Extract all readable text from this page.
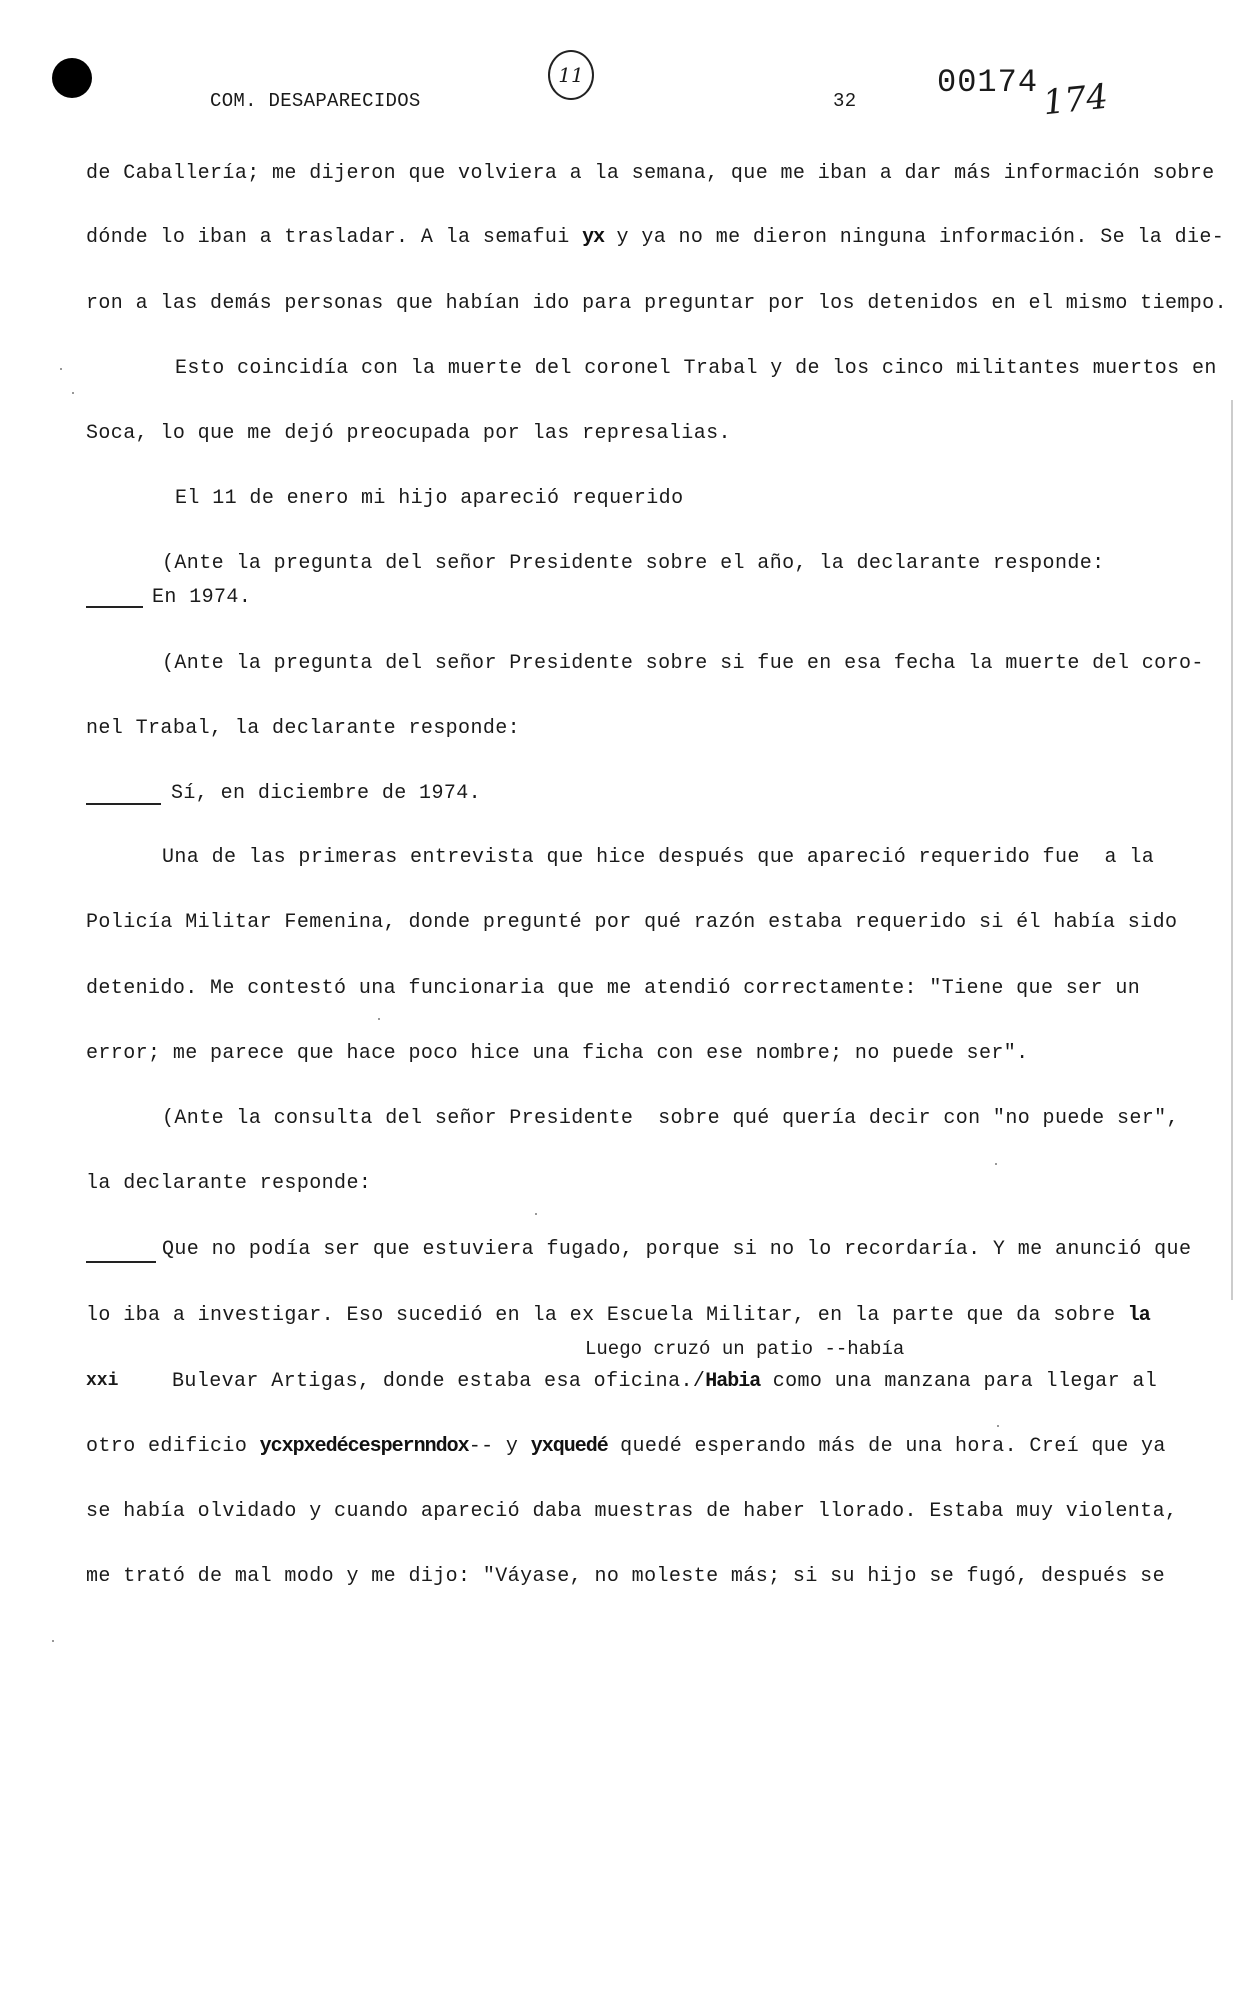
COM. DESAPARECIDOS
11
32	00174 174
de Caballería; me dijeron que volviera a la semana, que me iban a dar más información sobre
dónde lo iban a trasladar. A la semafui yx y ya no me dieron ninguna información. Se la die-
ron a las demás personas que habían ido para preguntar por los detenidos en el mismo tiempo.
Esto coincidía con la muerte del coronel Trabal y de los cinco militantes muertos en
Soca, lo que me dejó preocupada por las represalias.
El 11 de enero mi hijo apareció requerido
(Ante la pregunta del señor Presidente sobre el año, la declarante responde:
En 1974.
(Ante la pregunta del señor Presidente sobre si fue en esa fecha la muerte del coro-
nel Trabal, la declarante responde:
Sí, en diciembre de 1974.
Una de las primeras entrevista que hice después que apareció requerido fue  a la
Policía Militar Femenina, donde pregunté por qué razón estaba requerido si él había sido
detenido. Me contestó una funcionaria que me atendió correctamente: "Tiene que ser un
error; me parece que hace poco hice una ficha con ese nombre; no puede ser".
(Ante la consulta del señor Presidente  sobre qué quería decir con "no puede ser",
la declarante responde:
Que no podía ser que estuviera fugado, porque si no lo recordaría. Y me anunció que
lo iba a investigar. Eso sucedió en la ex Escuela Militar, en la parte que da sobre la
Luego cruzó un patio --había
xxi	Bulevar Artigas, donde estaba esa oficina./Habia como una manzana para llegar al
otro edificio ycxpxedécespernndox-- y yxquedé quedé esperando más de una hora. Creí que ya
se había olvidado y cuando apareció daba muestras de haber llorado. Estaba muy violenta,
me trató de mal modo y me dijo: "Váyase, no moleste más; si su hijo se fugó, después se
